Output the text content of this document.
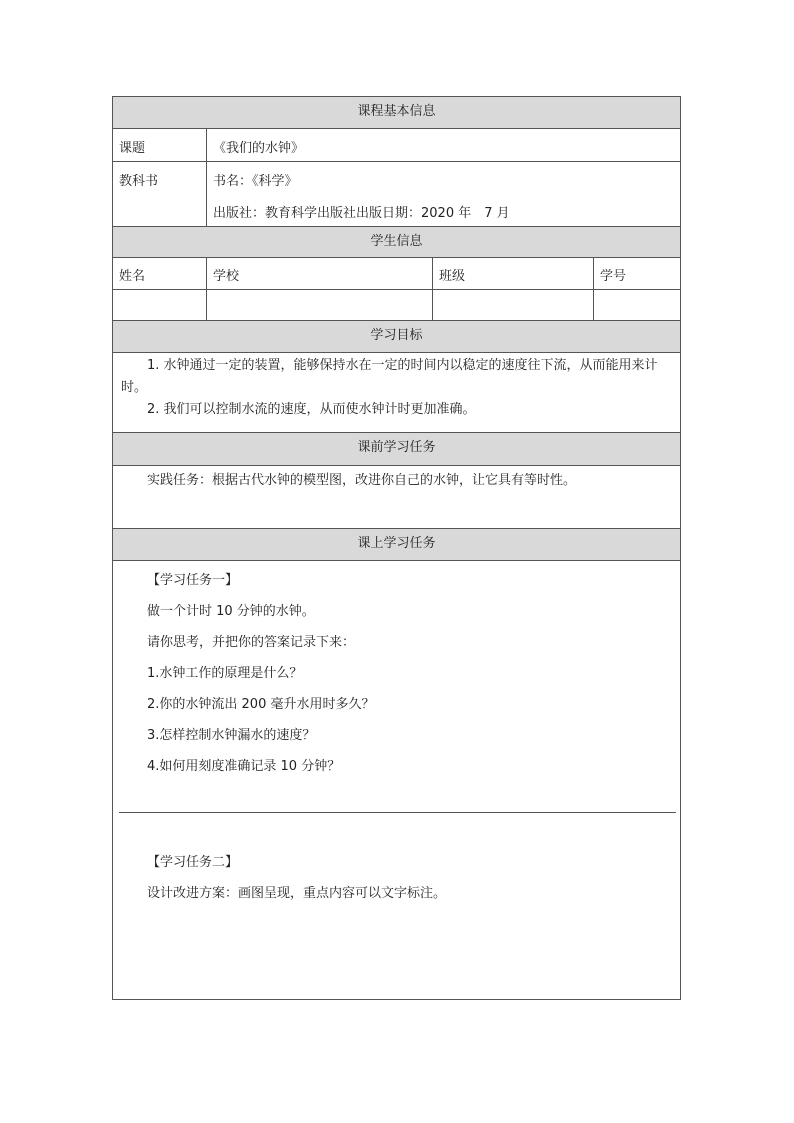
课程基本信息
课题	《我们的水钟》
教科书	书名：《科学》
出版社：教育科学出版社出版日期：2020 年　7 月
学生信息
姓名	学校	班级	学号
学习目标
1. 水钟通过一定的装置，能够保持水在一定的时间内以稳定的速度往下流，从而能用来计时。
2. 我们可以控制水流的速度，从而使水钟计时更加准确。
课前学习任务
实践任务：根据古代水钟的模型图，改进你自己的水钟，让它具有等时性。
课上学习任务
【学习任务一】
做一个计时 10 分钟的水钟。
请你思考，并把你的答案记录下来：
1.水钟工作的原理是什么？
2.你的水钟流出 200 毫升水用时多久？
3.怎样控制水钟漏水的速度？
4.如何用刻度准确记录 10 分钟？
【学习任务二】
设计改进方案：画图呈现，重点内容可以文字标注。
